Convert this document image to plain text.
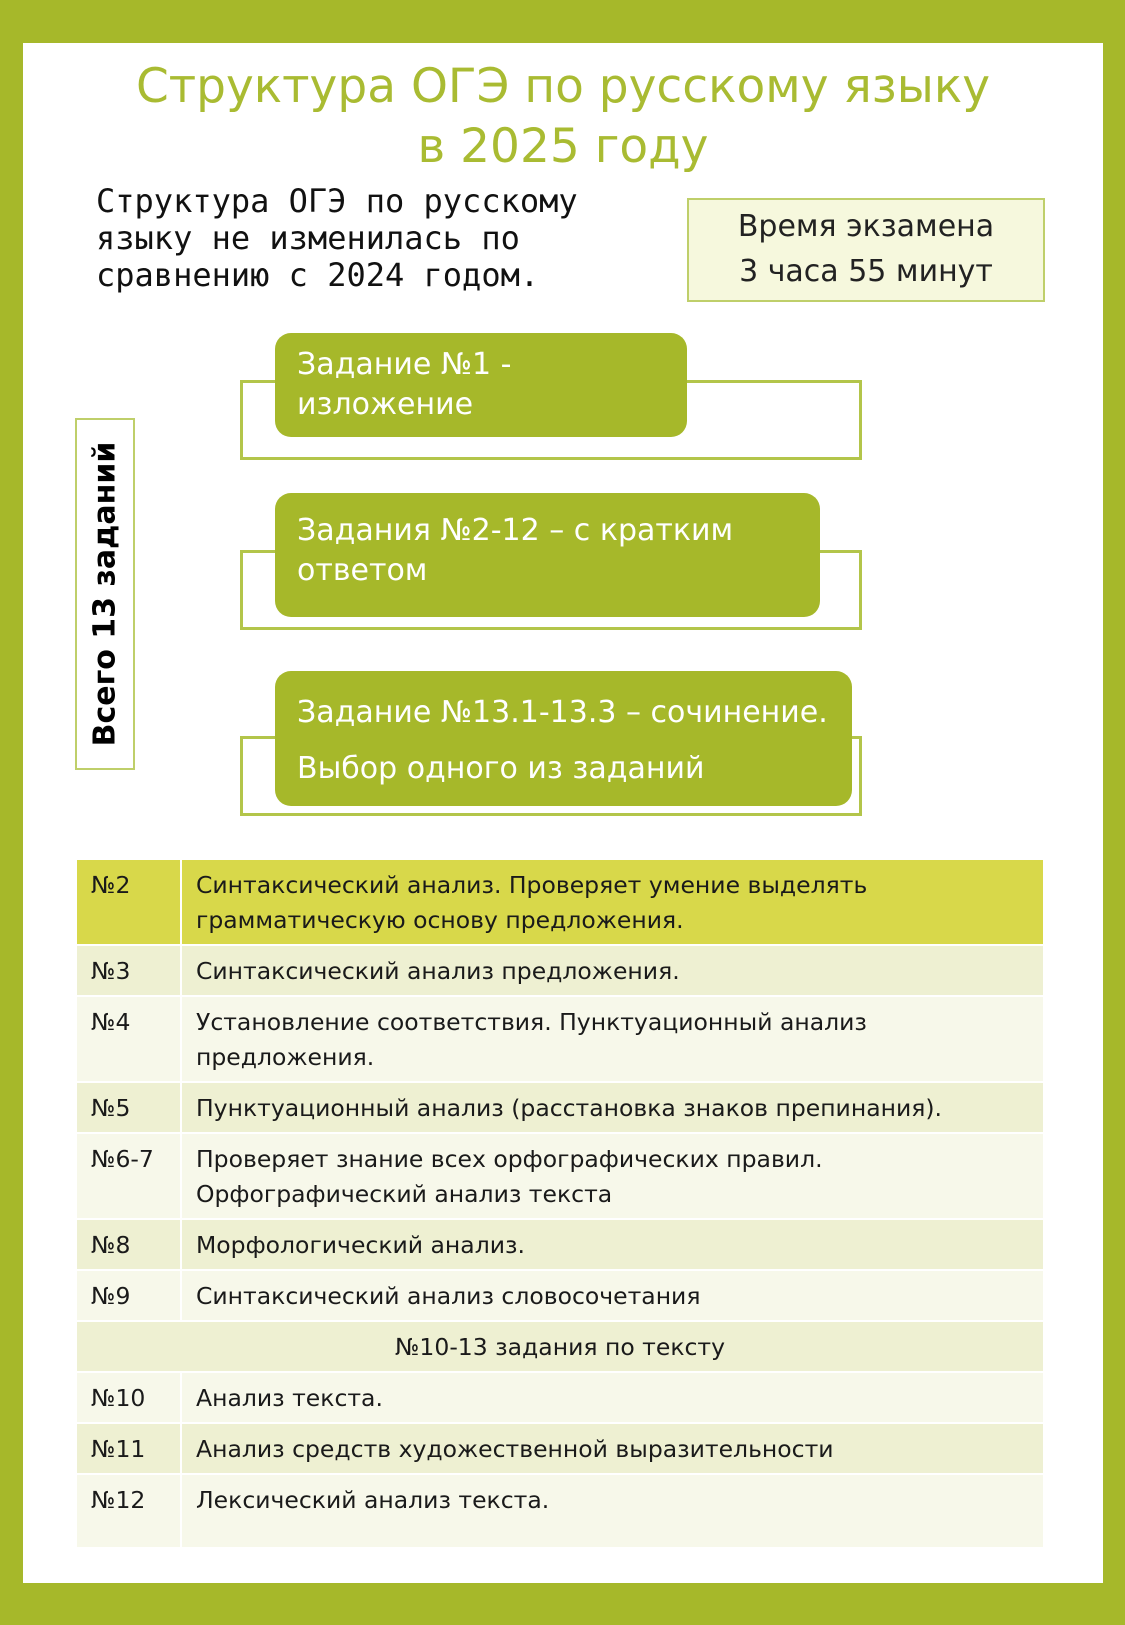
Структура ОГЭ по русскому языку
в 2025 году
Структура ОГЭ по русскому
языку не изменилась по
сравнению с 2024 годом.
Время экзамена
3 часа 55 минут
Всего 13 заданий
Задание №1 -
изложение
Задания №2-12 – с кратким
ответом
Задание №13.1-13.3 – сочинение.
Выбор одного из заданий
№2	Синтаксический анализ. Проверяет умение выделять грамматическую основу предложения.
№3	Синтаксический анализ предложения.
№4	Установление соответствия. Пунктуационный анализ предложения.
№5	Пунктуационный анализ (расстановка знаков препинания).
№6-7	Проверяет знание всех орфографических правил. Орфографический анализ текста
№8	Морфологический анализ.
№9	Синтаксический анализ словосочетания
№10-13 задания по тексту	
№10	Анализ текста.
№11	Анализ средств художественной выразительности
№12	Лексический анализ текста.
